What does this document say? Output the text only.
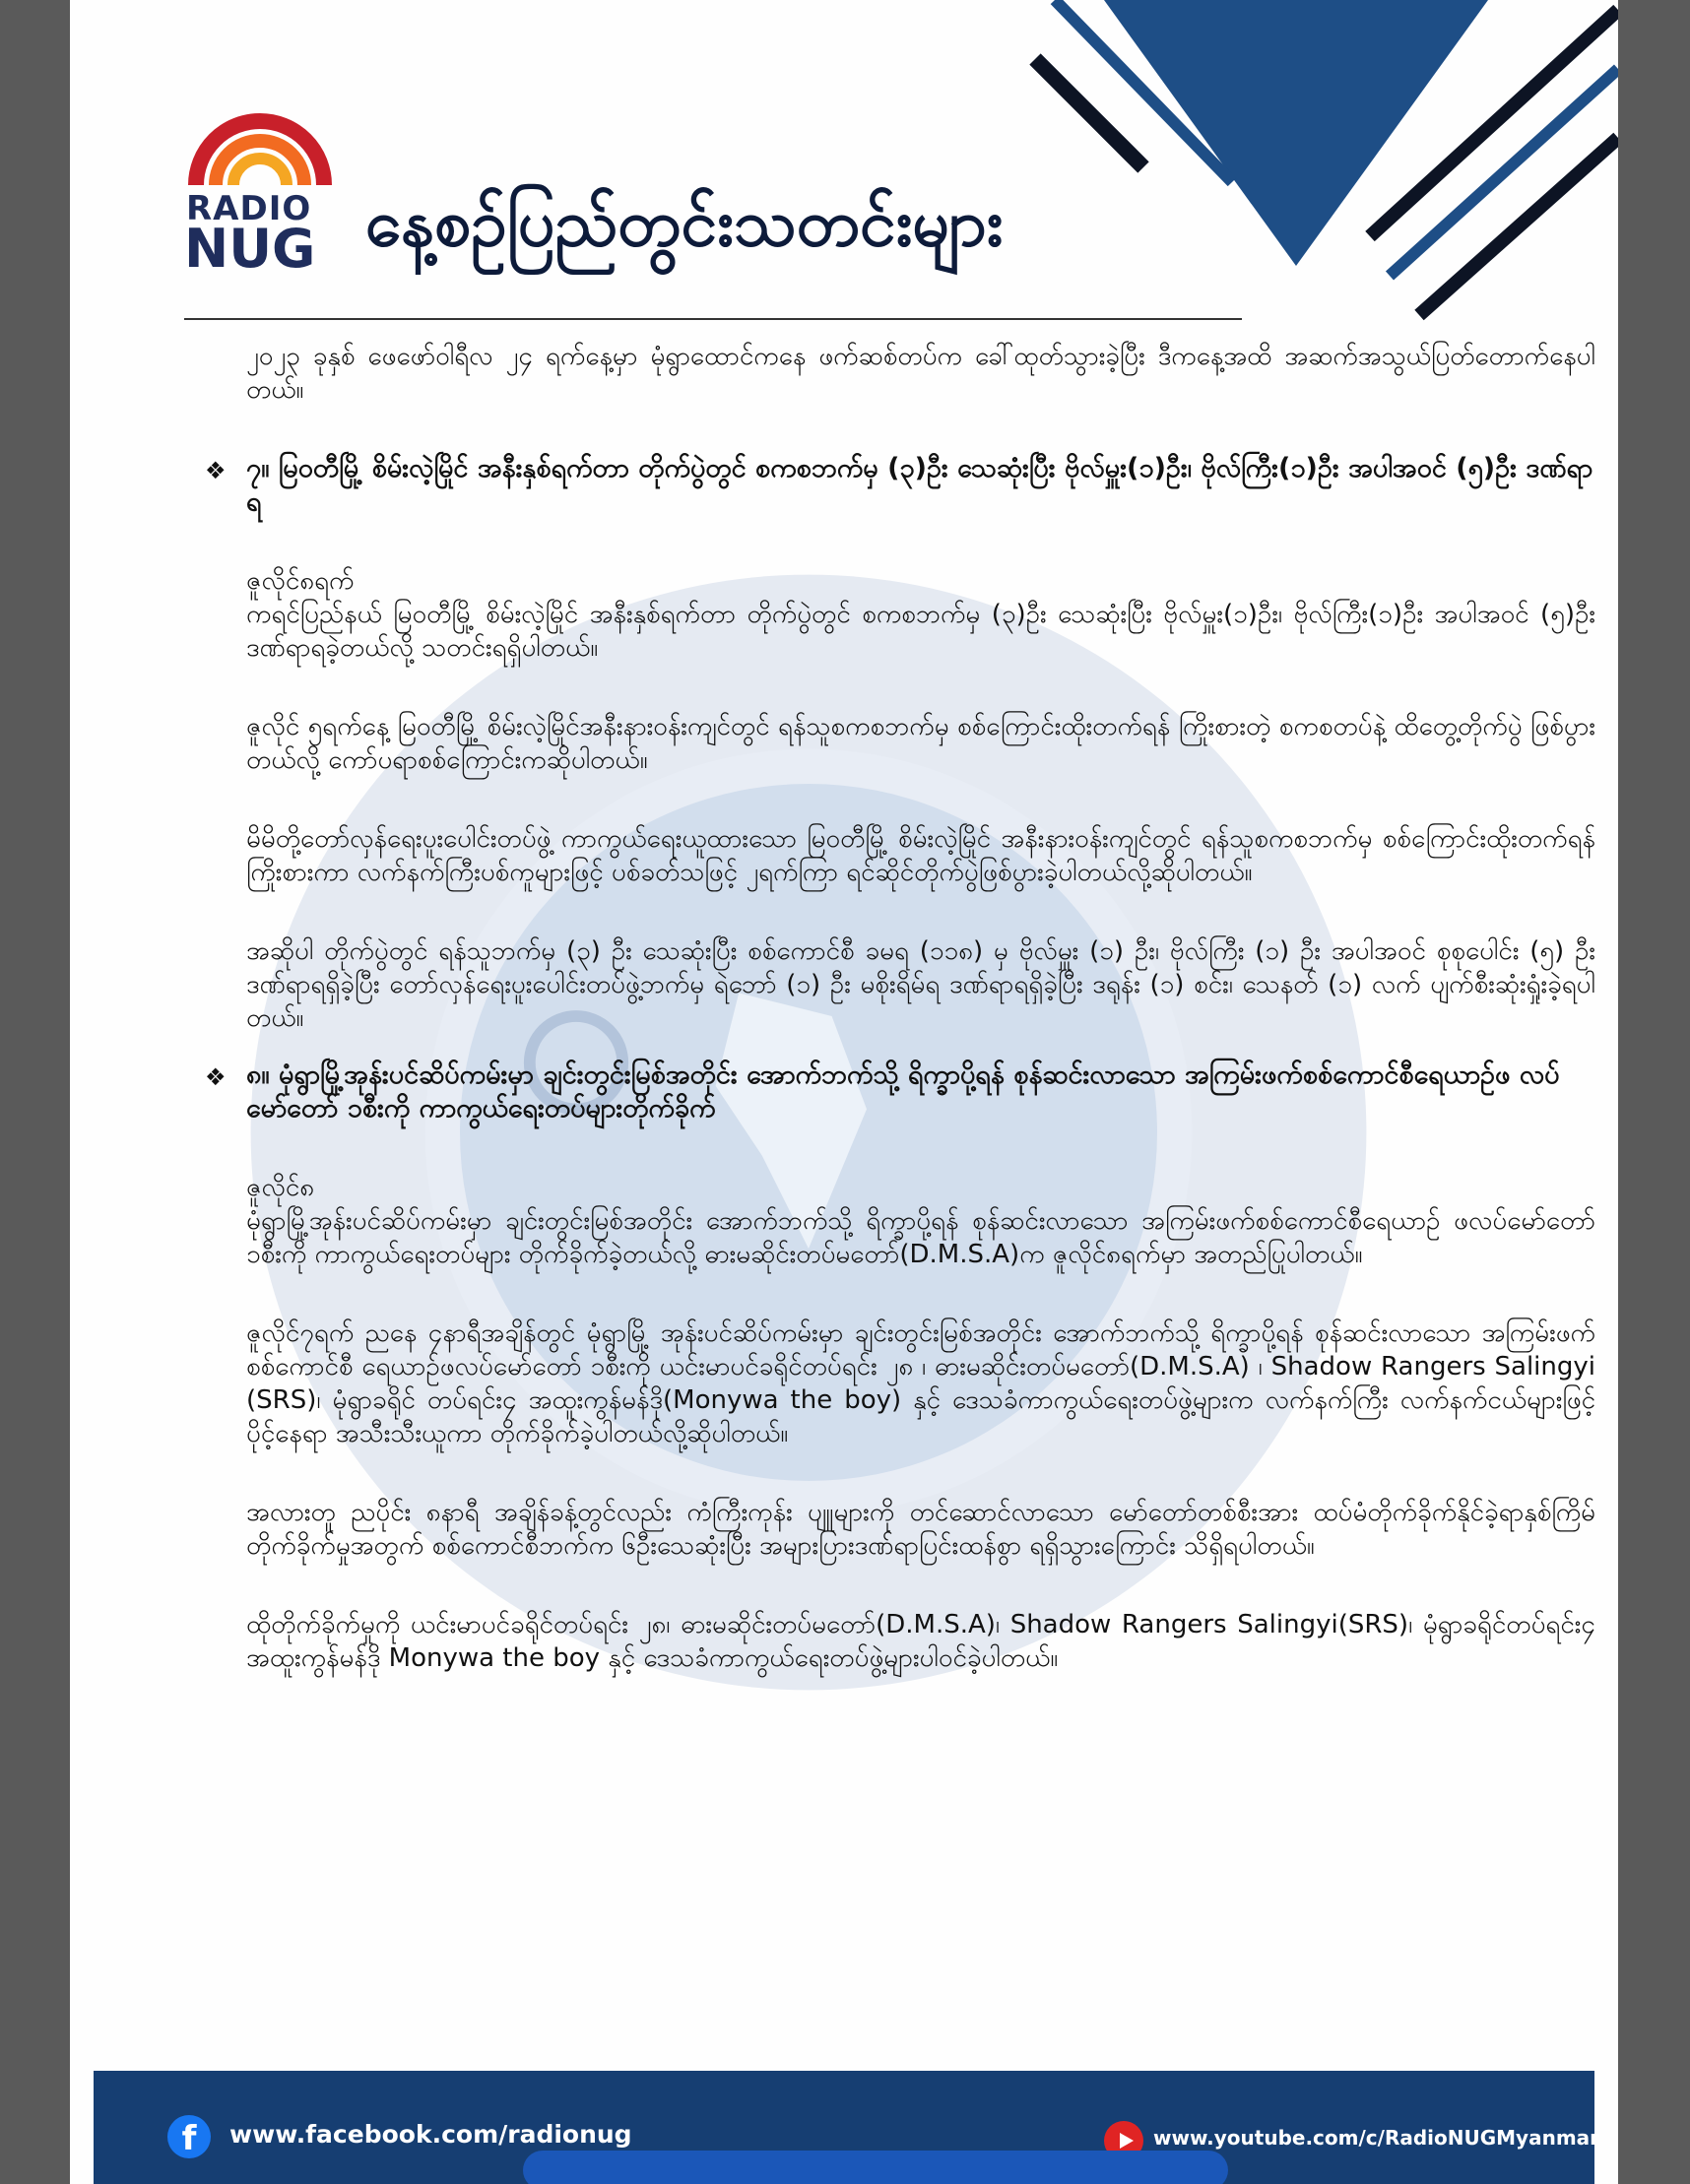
RADIO
NUG နေ့စဉ်ပြည်တွင်းသတင်းများ

၂၀၂၃ ခုနှစ် ဖေဖော်ဝါရီလ ၂၄ ရက်နေ့မှာ မုံရွာထောင်ကနေ ဖက်ဆစ်တပ်က ခေါ်ထုတ်သွားခဲ့ပြီး ဒီကနေ့အထိ အဆက်အသွယ်ပြတ်တောက်နေပါတယ်။

❖ ၇။ မြဝတီမြို့ စိမ်းလဲ့မြိုင် အနီးနှစ်ရက်တာ တိုက်ပွဲတွင် စကစဘက်မှ (၃)ဦး သေဆုံးပြီး ဗိုလ်မှူး(၁)ဦး၊ ဗိုလ်ကြီး(၁)ဦး အပါအဝင် (၅)ဦး ဒဏ်ရာရ

ဇူလိုင်၈ရက်

ကရင်ပြည်နယ် မြဝတီမြို့ စိမ်းလဲ့မြိုင် အနီးနှစ်ရက်တာ တိုက်ပွဲတွင် စကစဘက်မှ (၃)ဦး သေဆုံးပြီး ဗိုလ်မှူး(၁)ဦး၊ ဗိုလ်ကြီး(၁)ဦး အပါအဝင် (၅)ဦး ဒဏ်ရာရခဲ့တယ်လို့ သတင်းရရှိပါတယ်။

ဇူလိုင် ၅ရက်နေ့ မြဝတီမြို့ စိမ်းလဲ့မြိုင်အနီးနားဝန်းကျင်တွင် ရန်သူစကစဘက်မှ စစ်ကြောင်းထိုးတက်ရန် ကြိုးစားတဲ့ စကစတပ်နဲ့ ထိတွေ့တိုက်ပွဲ ဖြစ်ပွားတယ်လို့ ကော်ပရာစစ်ကြောင်းကဆိုပါတယ်။

မိမိတို့တော်လှန်ရေးပူးပေါင်းတပ်ဖွဲ့ ကာကွယ်ရေးယူထားသော မြဝတီမြို့ စိမ်းလဲ့မြိုင် အနီးနားဝန်းကျင်တွင် ရန်သူစကစဘက်မှ စစ်ကြောင်းထိုးတက်ရန်ကြိုးစားကာ လက်နက်ကြီးပစ်ကူများဖြင့် ပစ်ခတ်သဖြင့် ၂ရက်ကြာ ရင်ဆိုင်တိုက်ပွဲဖြစ်ပွားခဲ့ပါတယ်လို့ဆိုပါတယ်။

အဆိုပါ တိုက်ပွဲတွင် ရန်သူဘက်မှ (၃) ဦး သေဆုံးပြီး စစ်ကောင်စီ ခမရ (၁၁၈) မှ ဗိုလ်မှူး (၁) ဦး၊ ဗိုလ်ကြီး (၁) ဦး အပါအဝင် စုစုပေါင်း (၅) ဦး ဒဏ်ရာရရှိခဲ့ပြီး တော်လှန်ရေးပူးပေါင်းတပ်ဖွဲ့ဘက်မှ ရဲဘော် (၁) ဦး မစိုးရိမ်ရ ဒဏ်ရာရရှိခဲ့ပြီး ဒရုန်း (၁) စင်း၊ သေနတ် (၁) လက် ပျက်စီးဆုံးရှုံးခဲ့ရပါတယ်။

❖ ၈။ မုံရွာမြို့အုန်းပင်ဆိပ်ကမ်းမှာ ချင်းတွင်းမြစ်အတိုင်း အောက်ဘက်သို့ ရိက္ခာပို့ရန် စုန်ဆင်းလာသော အကြမ်းဖက်စစ်ကောင်စီရေယာဉ်ဖ လပ်မော်တော် ၁စီးကို ကာကွယ်ရေးတပ်များတိုက်ခိုက်

ဇူလိုင်၈

မုံရွာမြို့အုန်းပင်ဆိပ်ကမ်းမှာ ချင်းတွင်းမြစ်အတိုင်း အောက်ဘက်သို့ ရိက္ခာပို့ရန် စုန်ဆင်းလာသော အကြမ်းဖက်စစ်ကောင်စီရေယာဉ် ဖလပ်မော်တော် ၁စီးကို ကာကွယ်ရေးတပ်များ တိုက်ခိုက်ခဲ့တယ်လို့ ဓားမဆိုင်းတပ်မတော်(D.M.S.A)က ဇူလိုင်၈ရက်မှာ အတည်ပြုပါတယ်။

ဇူလိုင်၇ရက် ညနေ ၄နာရီအချိန်တွင် မုံရွာမြို့ အုန်းပင်ဆိပ်ကမ်းမှာ ချင်းတွင်းမြစ်အတိုင်း အောက်ဘက်သို့ ရိက္ခာပို့ရန် စုန်ဆင်းလာသော အကြမ်းဖက်စစ်ကောင်စီ ရေယာဉ်ဖလပ်မော်တော် ၁စီးကို ယင်းမာပင်ခရိုင်တပ်ရင်း ၂၈ ၊ ဓားမဆိုင်းတပ်မတော်(D.M.S.A) ၊ Shadow Rangers Salingyi (SRS)၊ မုံရွာခရိုင် တပ်ရင်း၄ အထူးကွန်မန်ဒို(Monywa the boy) နှင့် ဒေသခံကာကွယ်ရေးတပ်ဖွဲ့များက လက်နက်ကြီး လက်နက်ငယ်များဖြင့် ပိုင့်နေရာ အသီးသီးယူကာ တိုက်ခိုက်ခဲ့ပါတယ်လို့ဆိုပါတယ်။

အလားတူ ညပိုင်း ၈နာရီ အချိန်ခန့်တွင်လည်း ကံကြီးကုန်း ပျူများကို တင်ဆောင်လာသော မော်တော်တစ်စီးအား ထပ်မံတိုက်ခိုက်နိုင်ခဲ့ရာနှစ်ကြိမ်တိုက်ခိုက်မှုအတွက် စစ်ကောင်စီဘက်က ၆ဦးသေဆုံးပြီး အများပြားဒဏ်ရာပြင်းထန်စွာ ရရှိသွားကြောင်း သိရှိရပါတယ်။

ထိုတိုက်ခိုက်မှုကို ယင်းမာပင်ခရိုင်တပ်ရင်း ၂၈၊ ဓားမဆိုင်းတပ်မတော်(D.M.S.A)၊ Shadow Rangers Salingyi(SRS)၊ မုံရွာခရိုင်တပ်ရင်း၄ အထူးကွန်မန်ဒို Monywa the boy နှင့် ဒေသခံကာကွယ်ရေးတပ်ဖွဲ့များပါဝင်ခဲ့ပါတယ်။

f	www.facebook.com/radionug	www.youtube.com/c/RadioNUGMyanmar
